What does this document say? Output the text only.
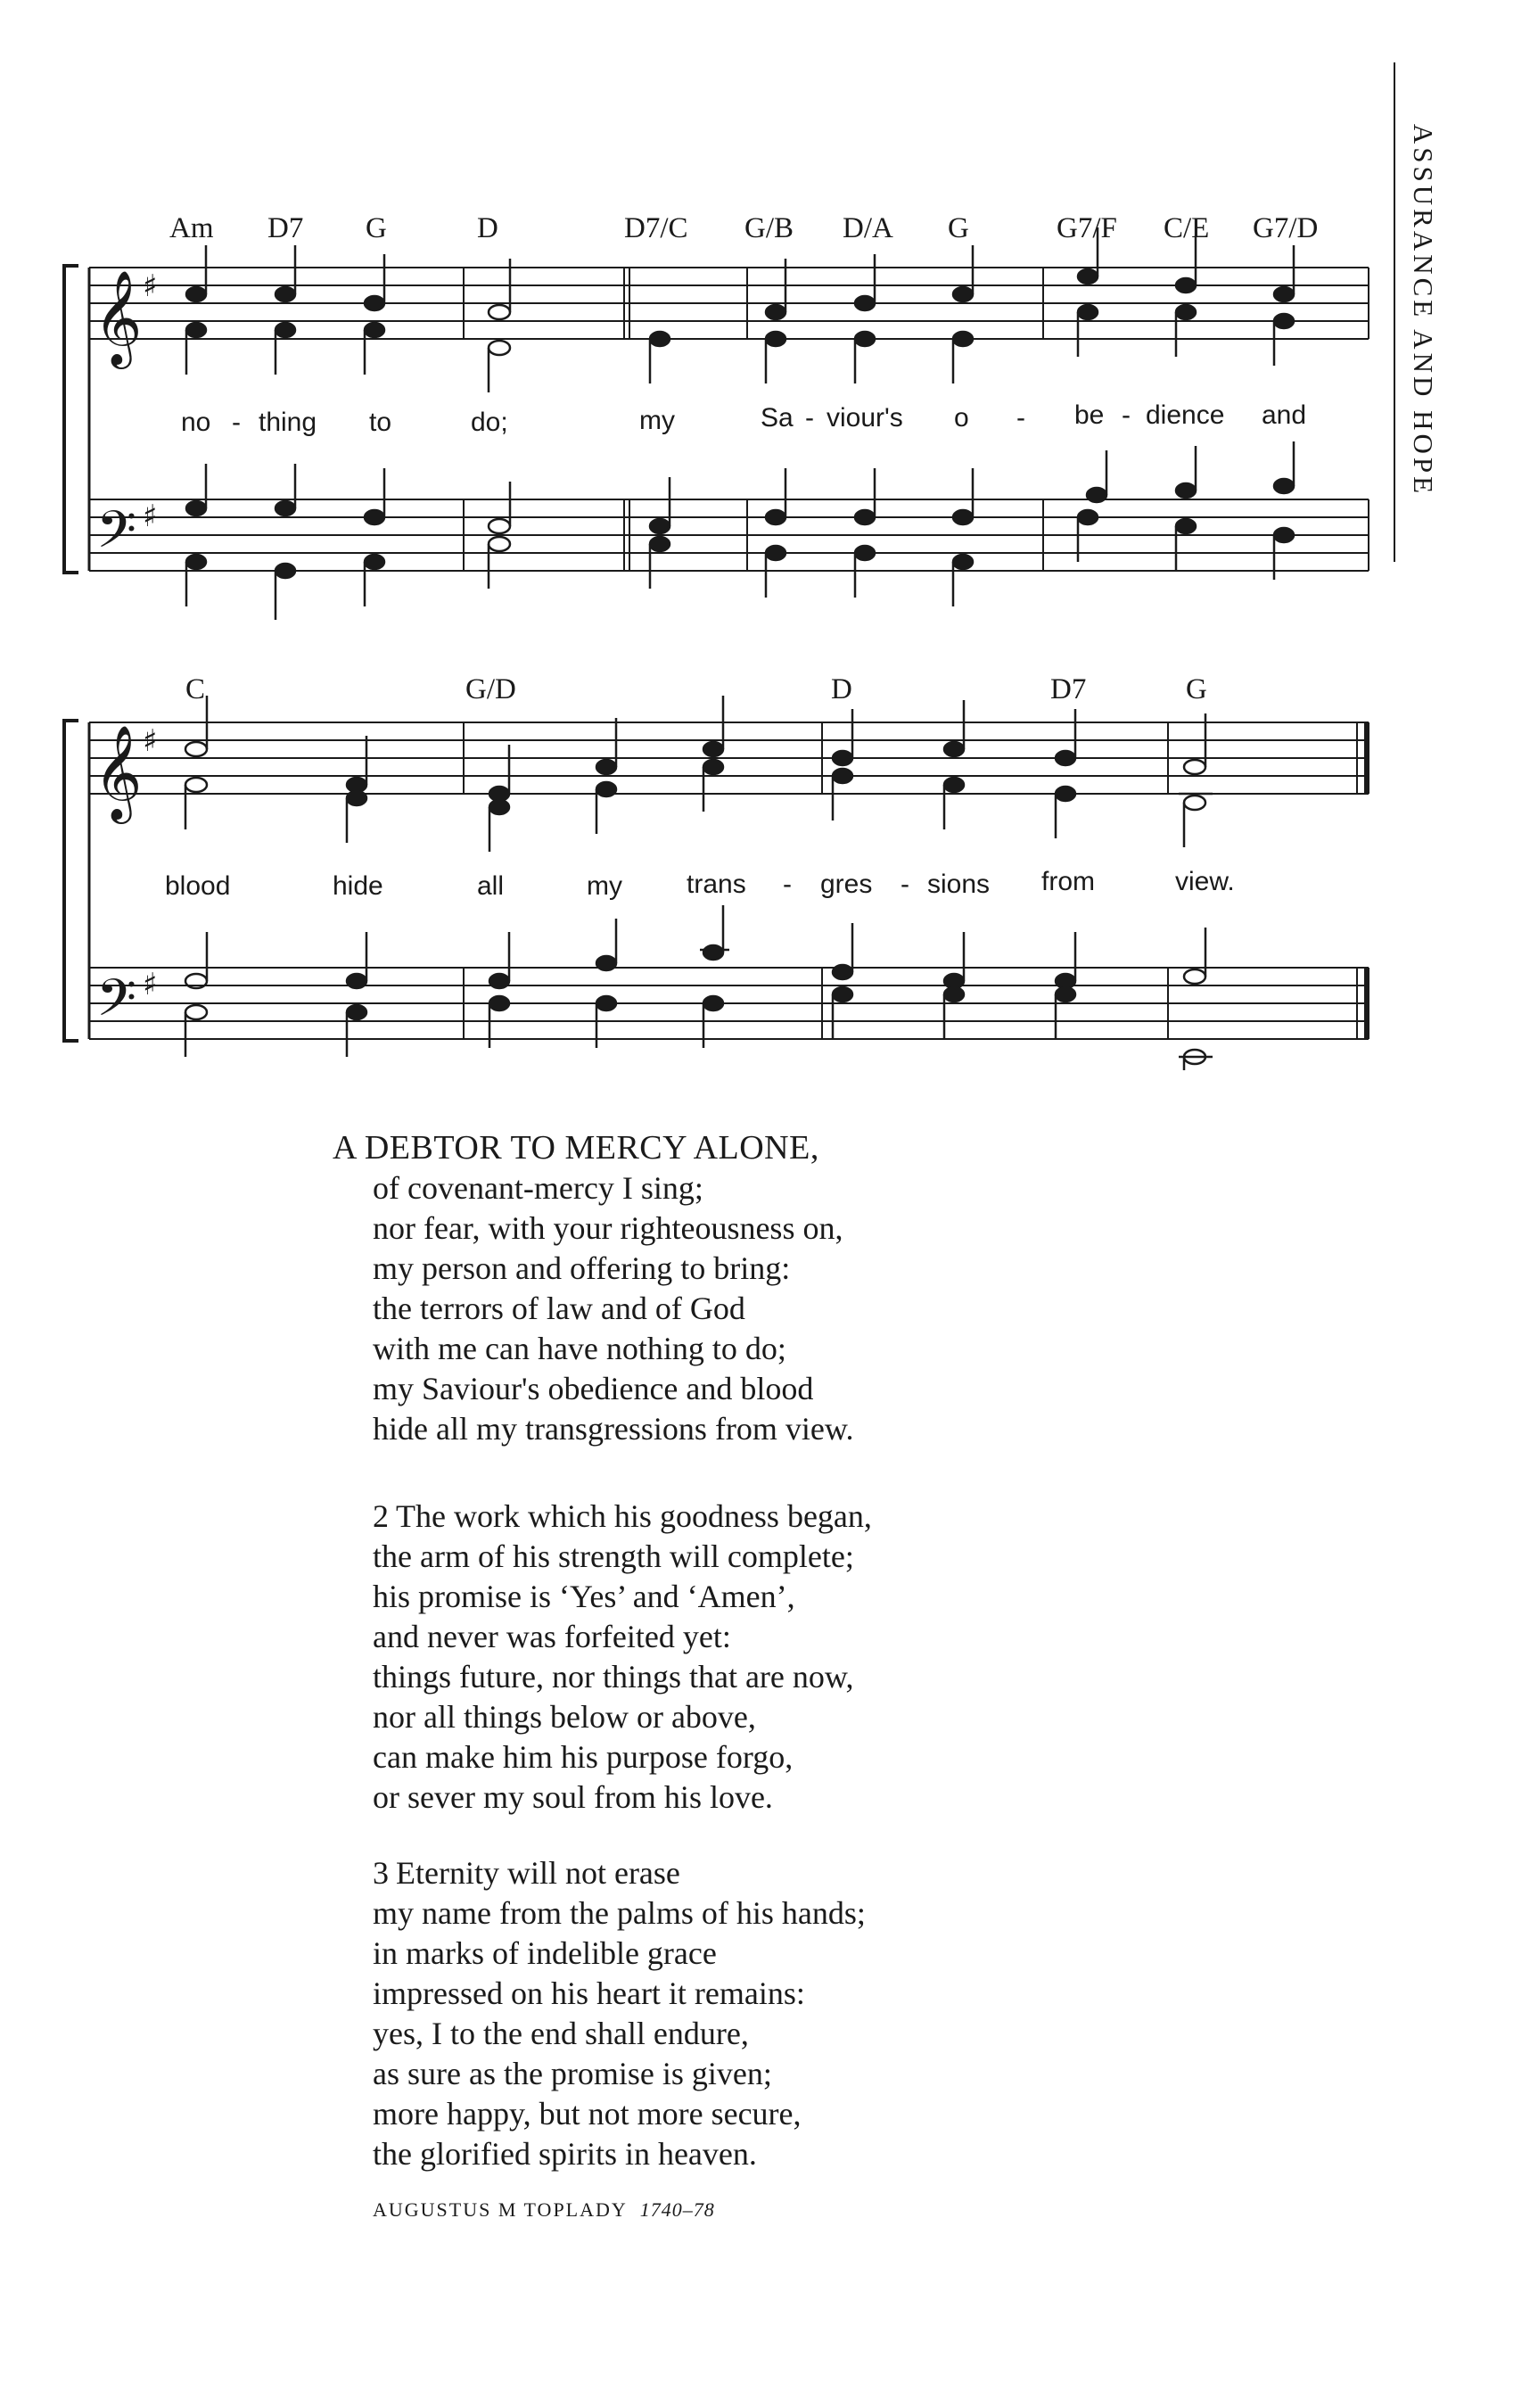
𝄞
𝄢
♯
♯
𝄞
𝄢
♯
♯
Am D7 G	D	D7/C G/B D/A G	G7/F C/E G7/D
no - thing to	do;	my	Sa - viour's o - be - dience and
C	G/D	D	D7	G
blood	hide	all	my trans - gres - sions from	view.
ASSURANCE AND HOPE
A DEBTOR TO MERCY ALONE,
of covenant-mercy I sing;
nor fear, with your righteousness on,
my person and offering to bring:
the terrors of law and of God
with me can have nothing to do;
my Saviour's obedience and blood
hide all my transgressions from view.
2 The work which his goodness began,
the arm of his strength will complete;
his promise is ‘Yes’ and ‘Amen’,
and never was forfeited yet:
things future, nor things that are now,
nor all things below or above,
can make him his purpose forgo,
or sever my soul from his love.
3 Eternity will not erase
my name from the palms of his hands;
in marks of indelible grace
impressed on his heart it remains:
yes, I to the end shall endure,
as sure as the promise is given;
more happy, but not more secure,
the glorified spirits in heaven.
AUGUSTUS M TOPLADY 1740–78
